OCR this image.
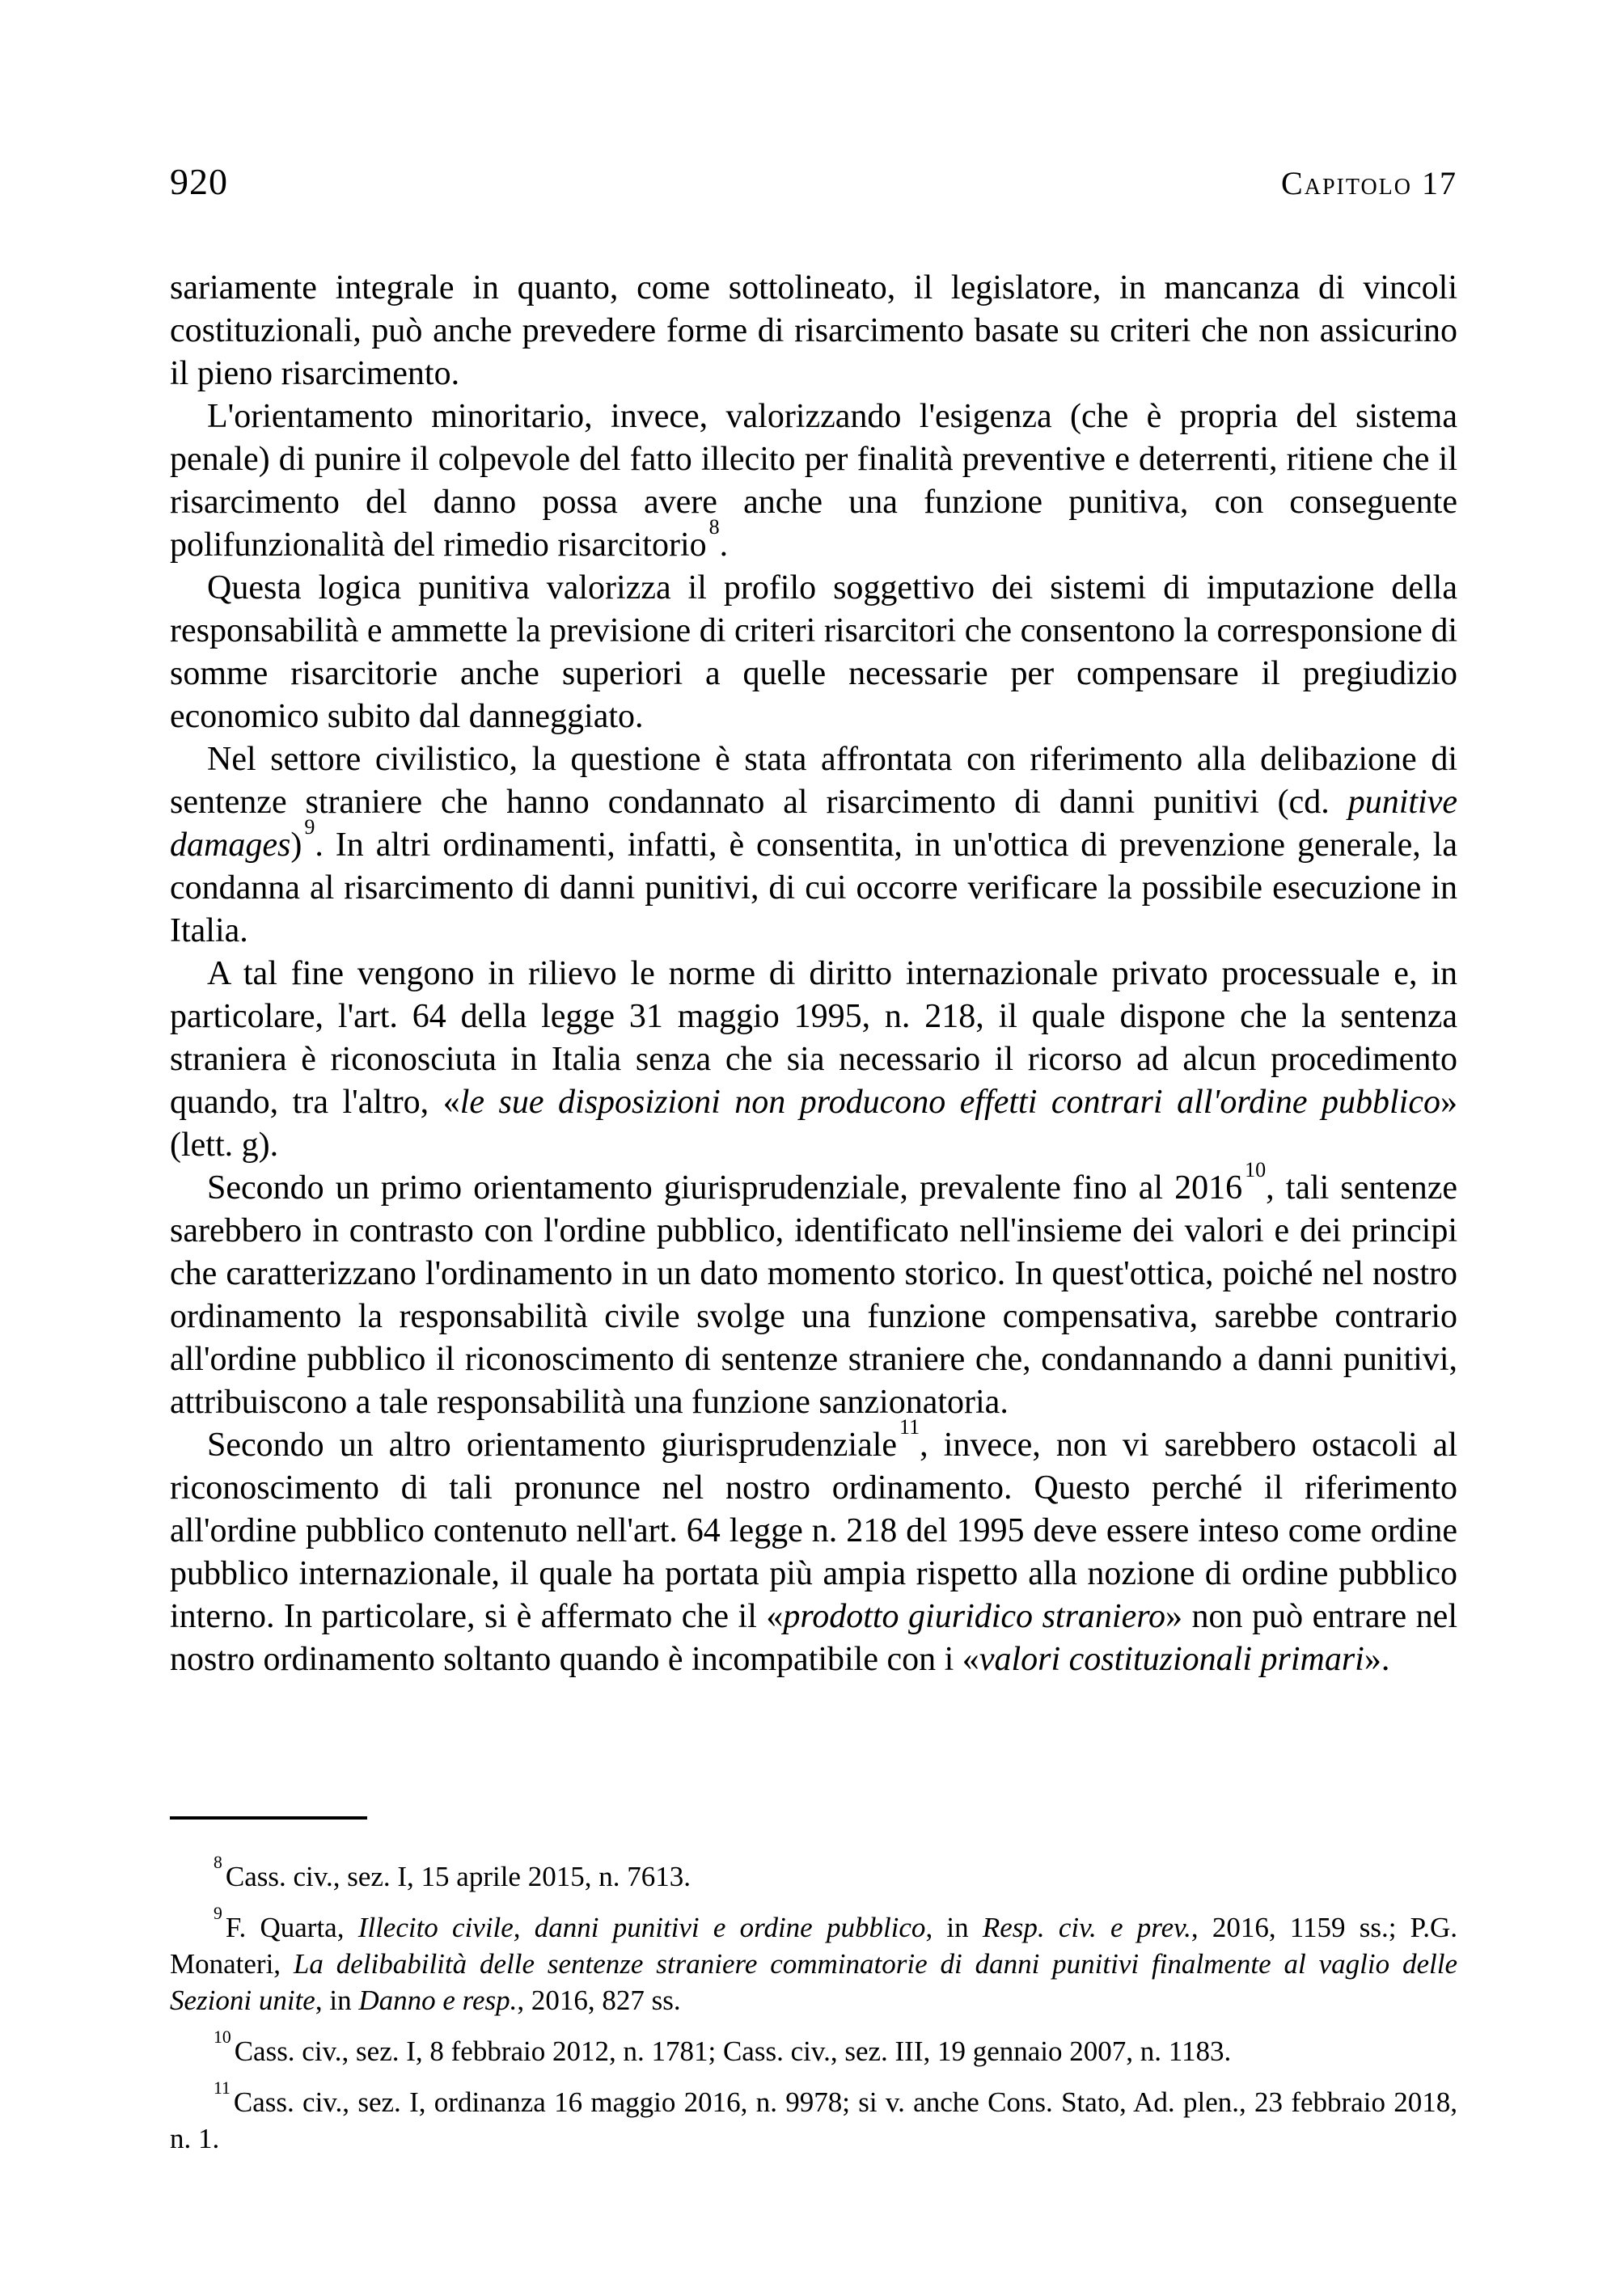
920	Capitolo 17

sariamente integrale in quanto, come sottolineato, il legislatore, in mancanza di vincoli costituzionali, può anche prevedere forme di risarcimento basate su criteri che non assicurino il pieno risarcimento.

L'orientamento minoritario, invece, valorizzando l'esigenza (che è propria del sistema penale) di punire il colpevole del fatto illecito per finalità preventive e deterrenti, ritiene che il risarcimento del danno possa avere anche una funzione punitiva, con conseguente polifunzionalità del rimedio risarcitorio $^8$.

Questa logica punitiva valorizza il profilo soggettivo dei sistemi di imputazione della responsabilità e ammette la previsione di criteri risarcitori che consentono la corresponsione di somme risarcitorie anche superiori a quelle necessarie per compensare il pregiudizio economico subito dal danneggiato.

Nel settore civilistico, la questione è stata affrontata con riferimento alla delibazione di sentenze straniere che hanno condannato al risarcimento di danni punitivi (cd. punitive damages) $^9$. In altri ordinamenti, infatti, è consentita, in un'ottica di prevenzione generale, la condanna al risarcimento di danni punitivi, di cui occorre verificare la possibile esecuzione in Italia.

A tal fine vengono in rilievo le norme di diritto internazionale privato processuale e, in particolare, l'art. 64 della legge 31 maggio 1995, n. 218, il quale dispone che la sentenza straniera è riconosciuta in Italia senza che sia necessario il ricorso ad alcun procedimento quando, tra l'altro, «le sue disposizioni non producono effetti contrari all'ordine pubblico» (lett. g).

Secondo un primo orientamento giurisprudenziale, prevalente fino al 2016 $^{10}$, tali sentenze sarebbero in contrasto con l'ordine pubblico, identificato nell'insieme dei valori e dei principi che caratterizzano l'ordinamento in un dato momento storico. In quest'ottica, poiché nel nostro ordinamento la responsabilità civile svolge una funzione compensativa, sarebbe contrario all'ordine pubblico il riconoscimento di sentenze straniere che, condannando a danni punitivi, attribuiscono a tale responsabilità una funzione sanzionatoria.

Secondo un altro orientamento giurisprudenziale $^{11}$, invece, non vi sarebbero ostacoli al riconoscimento di tali pronunce nel nostro ordinamento. Questo perché il riferimento all'ordine pubblico contenuto nell'art. 64 legge n. 218 del 1995 deve essere inteso come ordine pubblico internazionale, il quale ha portata più ampia rispetto alla nozione di ordine pubblico interno. In particolare, si è affermato che il «prodotto giuridico straniero» non può entrare nel nostro ordinamento soltanto quando è incompatibile con i «valori costituzionali primari».

$^8$ Cass. civ., sez. I, 15 aprile 2015, n. 7613.

$^9$ F. Quarta, Illecito civile, danni punitivi e ordine pubblico, in Resp. civ. e prev., 2016, 1159 ss.; P.G. Monateri, La delibabilità delle sentenze straniere comminatorie di danni punitivi finalmente al vaglio delle Sezioni unite, in Danno e resp., 2016, 827 ss.

$^{10}$ Cass. civ., sez. I, 8 febbraio 2012, n. 1781; Cass. civ., sez. III, 19 gennaio 2007, n. 1183.

$^{11}$ Cass. civ., sez. I, ordinanza 16 maggio 2016, n. 9978; si v. anche Cons. Stato, Ad. plen., 23 febbraio 2018, n. 1.
